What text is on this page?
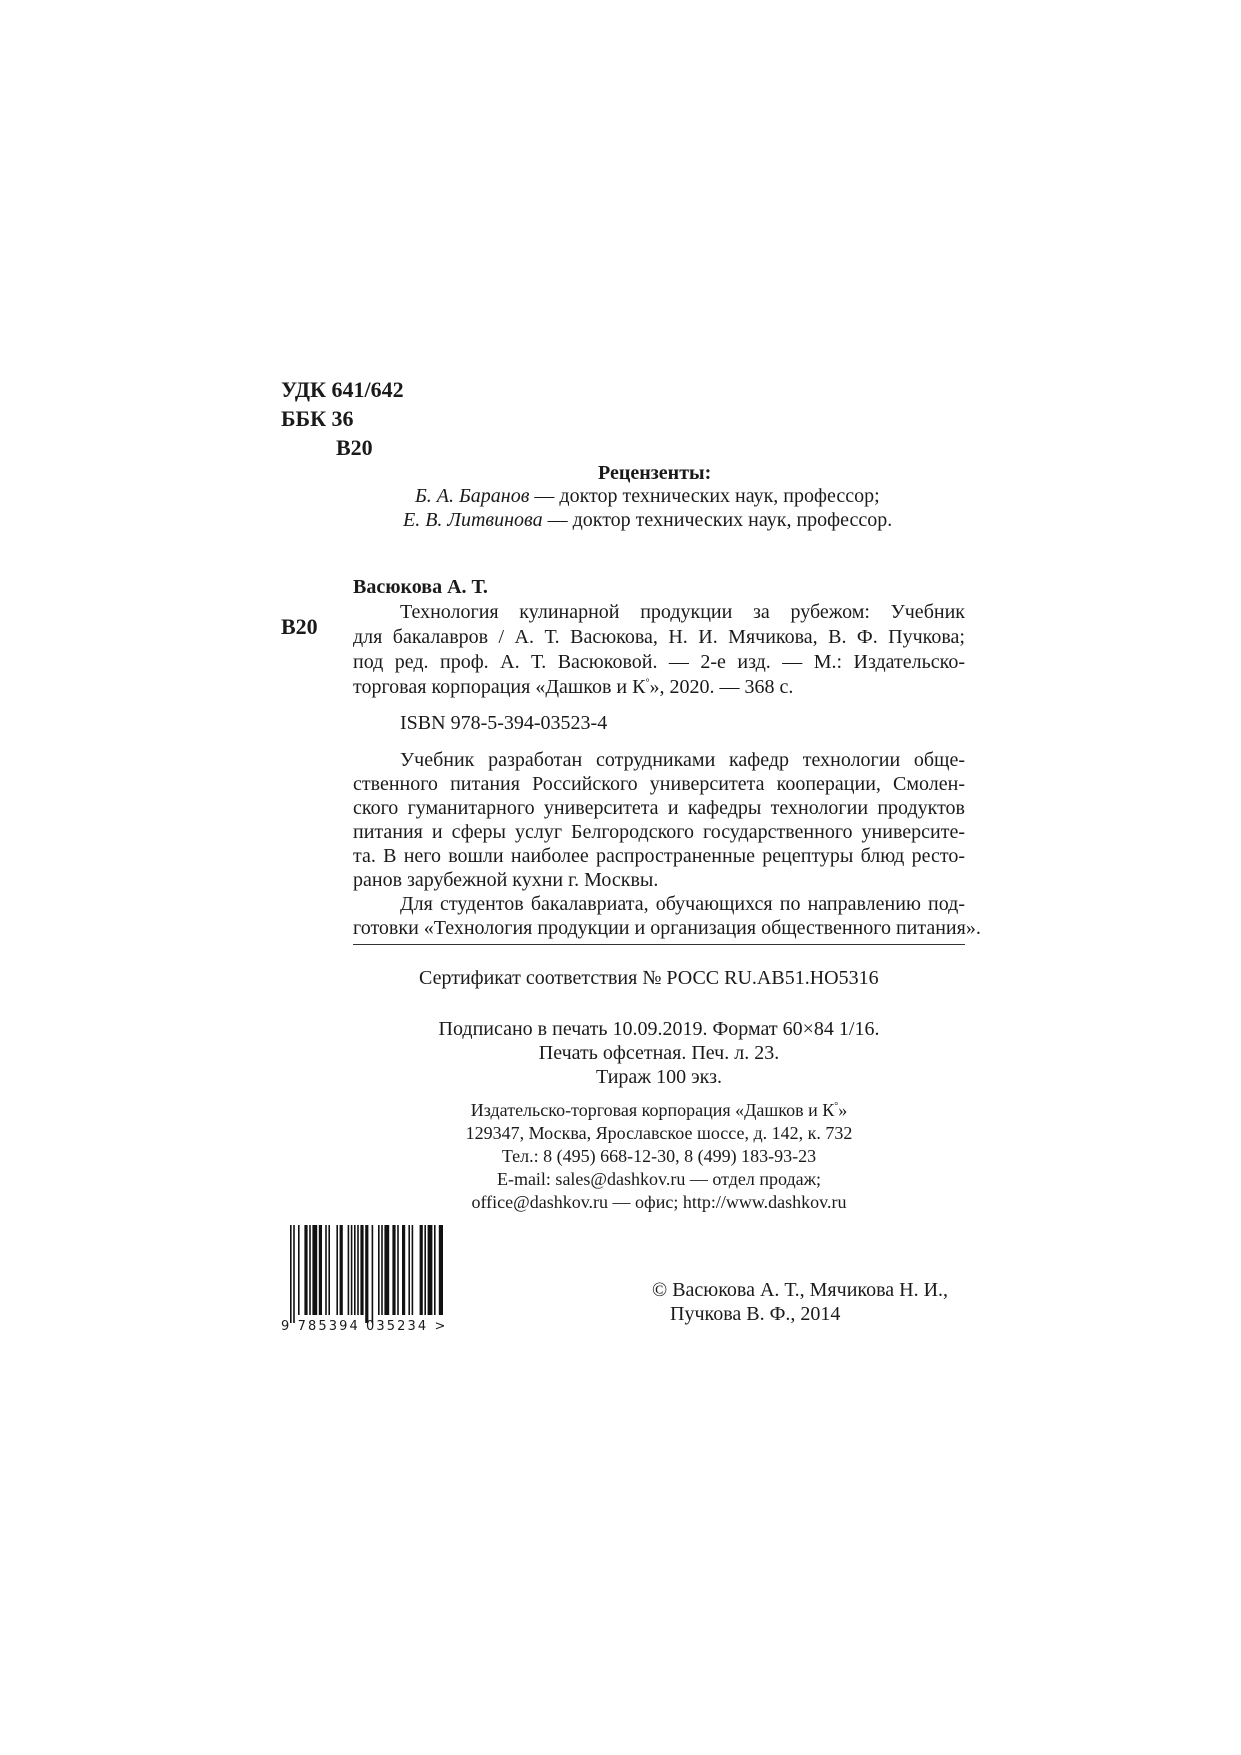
УДК 641/642
ББК 36
В20
Рецензенты:
Б. А. Баранов — доктор технических наук, профессор;
Е. В. Литвинова — доктор технических наук, профессор.
Васюкова А. Т.
В20
Технология кулинарной продукции за рубежом: Учебник
для бакалавров / А. Т. Васюкова, Н. И. Мячикова, В. Ф. Пучкова;
под ред. проф. А. Т. Васюковой. — 2-е изд. — М.: Издательско-
торговая корпорация «Дашков и К°», 2020. — 368 с.
ISBN 978-5-394-03523-4
Учебник разработан сотрудниками кафедр технологии обще-
ственного питания Российского университета кооперации, Смолен-
ского гуманитарного университета и кафедры технологии продуктов
питания и сферы услуг Белгородского государственного университе-
та. В него вошли наиболее распространенные рецептуры блюд ресто-
ранов зарубежной кухни г. Москвы.
Для студентов бакалавриата, обучающихся по направлению под-
готовки «Технология продукции и организация общественного питания».
Сертификат соответствия № РОСС RU.АВ51.НО5316
Подписано в печать 10.09.2019. Формат 60×84 1/16.
Печать офсетная. Печ. л. 23.
Тираж 100 экз.
Издательско-торговая корпорация «Дашков и К°»
129347, Москва, Ярославское шоссе, д. 142, к. 732
Тел.: 8 (495) 668-12-30, 8 (499) 183-93-23
E-mail: sales@dashkov.ru — отдел продаж;
office@dashkov.ru — офис; http://www.dashkov.ru
9 785394 035234 >
© Васюкова А. Т., Мячикова Н. И.,
Пучкова В. Ф., 2014
